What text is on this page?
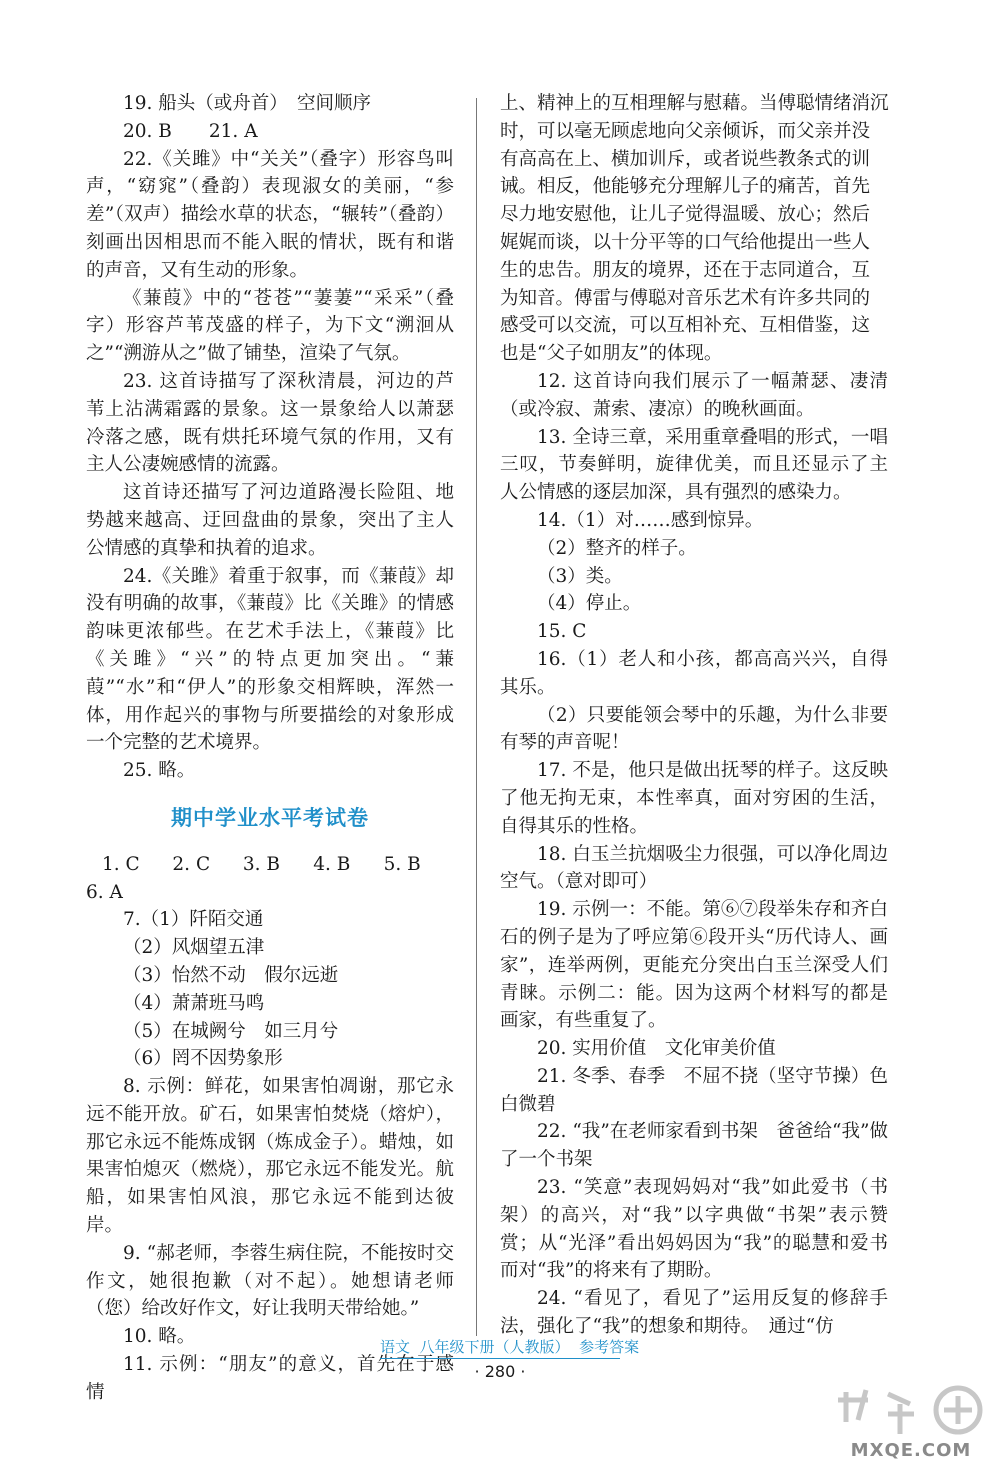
19. 船头（或舟首）　空间顺序

20. B　　21. A

22.《关雎》中“关关”（叠字）形容鸟叫声，“窈窕”（叠韵）表现淑女的美丽，“参差”（双声）描绘水草的状态，“辗转”（叠韵）刻画出因相思而不能入眠的情状，既有和谐的声音，又有生动的形象。

《蒹葭》中的“苍苍”“萋萋”“采采”（叠字）形容芦苇茂盛的样子，为下文“溯洄从之”“溯游从之”做了铺垫，渲染了气氛。

23. 这首诗描写了深秋清晨，河边的芦苇上沾满霜露的景象。这一景象给人以萧瑟冷落之感，既有烘托环境气氛的作用，又有主人公凄婉感情的流露。

这首诗还描写了河边道路漫长险阻、地势越来越高、迂回盘曲的景象，突出了主人公情感的真挚和执着的追求。

24.《关雎》着重于叙事，而《蒹葭》却没有明确的故事，《蒹葭》比《关雎》的情感韵味更浓郁些。在艺术手法上，《蒹葭》比《关雎》“兴”的特点更加突出。“蒹葭”“水”和“伊人”的形象交相辉映，浑然一体，用作起兴的事物与所要描绘的对象形成一个完整的艺术境界。

25. 略。

期中学业水平考试卷
1. C	2. C	3. B	4. B	5. B

6. A

7.（1）阡陌交通

（2）风烟望五津

（3）怡然不动　假尔远逝

（4）萧萧班马鸣

（5）在城阙兮　如三月兮

（6）罔不因势象形

8. 示例：鲜花，如果害怕凋谢，那它永远不能开放。矿石，如果害怕焚烧（熔炉），那它永远不能炼成钢（炼成金子）。蜡烛，如果害怕熄灭（燃烧），那它永远不能发光。航船，如果害怕风浪，那它永远不能到达彼岸。

9. “郝老师，李蓉生病住院，不能按时交作文，她很抱歉（对不起）。她想请老师（您）给改好作文，好让我明天带给她。”

10. 略。

11. 示例：“朋友”的意义，首先在于感情

上、精神上的互相理解与慰藉。当傅聪情绪消沉
时，可以毫无顾虑地向父亲倾诉，而父亲并没
有高高在上、横加训斥，或者说些教条式的训
诫。相反，他能够充分理解儿子的痛苦，首先
尽力地安慰他，让儿子觉得温暖、放心；然后
娓娓而谈，以十分平等的口气给他提出一些人
生的忠告。朋友的境界，还在于志同道合，互
为知音。傅雷与傅聪对音乐艺术有许多共同的
感受可以交流，可以互相补充、互相借鉴，这
也是“父子如朋友”的体现。

12. 这首诗向我们展示了一幅萧瑟、凄清（或冷寂、萧索、凄凉）的晚秋画面。

13. 全诗三章，采用重章叠唱的形式，一唱三叹，节奏鲜明，旋律优美，而且还显示了主人公情感的逐层加深，具有强烈的感染力。

14.（1）对……感到惊异。

（2）整齐的样子。

（3）类。

（4）停止。

15. C

16.（1）老人和小孩，都高高兴兴，自得其乐。

（2）只要能领会琴中的乐趣，为什么非要有琴的声音呢！

17. 不是，他只是做出抚琴的样子。这反映了他无拘无束，本性率真，面对穷困的生活，自得其乐的性格。

18. 白玉兰抗烟吸尘力很强，可以净化周边空气。（意对即可）

19. 示例一：不能。第⑥⑦段举朱存和齐白石的例子是为了呼应第⑥段开头“历代诗人、画家”，连举两例，更能充分突出白玉兰深受人们青睐。示例二：能。因为这两个材料写的都是画家，有些重复了。

20. 实用价值　文化审美价值

21. 冬季、春季　不屈不挠（坚守节操）色白微碧

22. “我”在老师家看到书架　爸爸给“我”做了一个书架

23. “笑意”表现妈妈对“我”如此爱书（书架）的高兴，对“我”以字典做“书架”表示赞赏；从“光泽”看出妈妈因为“我”的聪慧和爱书而对“我”的将来有了期盼。

24. “看见了，看见了”运用反复的修辞手法，强化了“我”的想象和期待。　通过“仿

语文  八年级下册（人教版）  参考答案
· 280 ·
MXQE.COM
